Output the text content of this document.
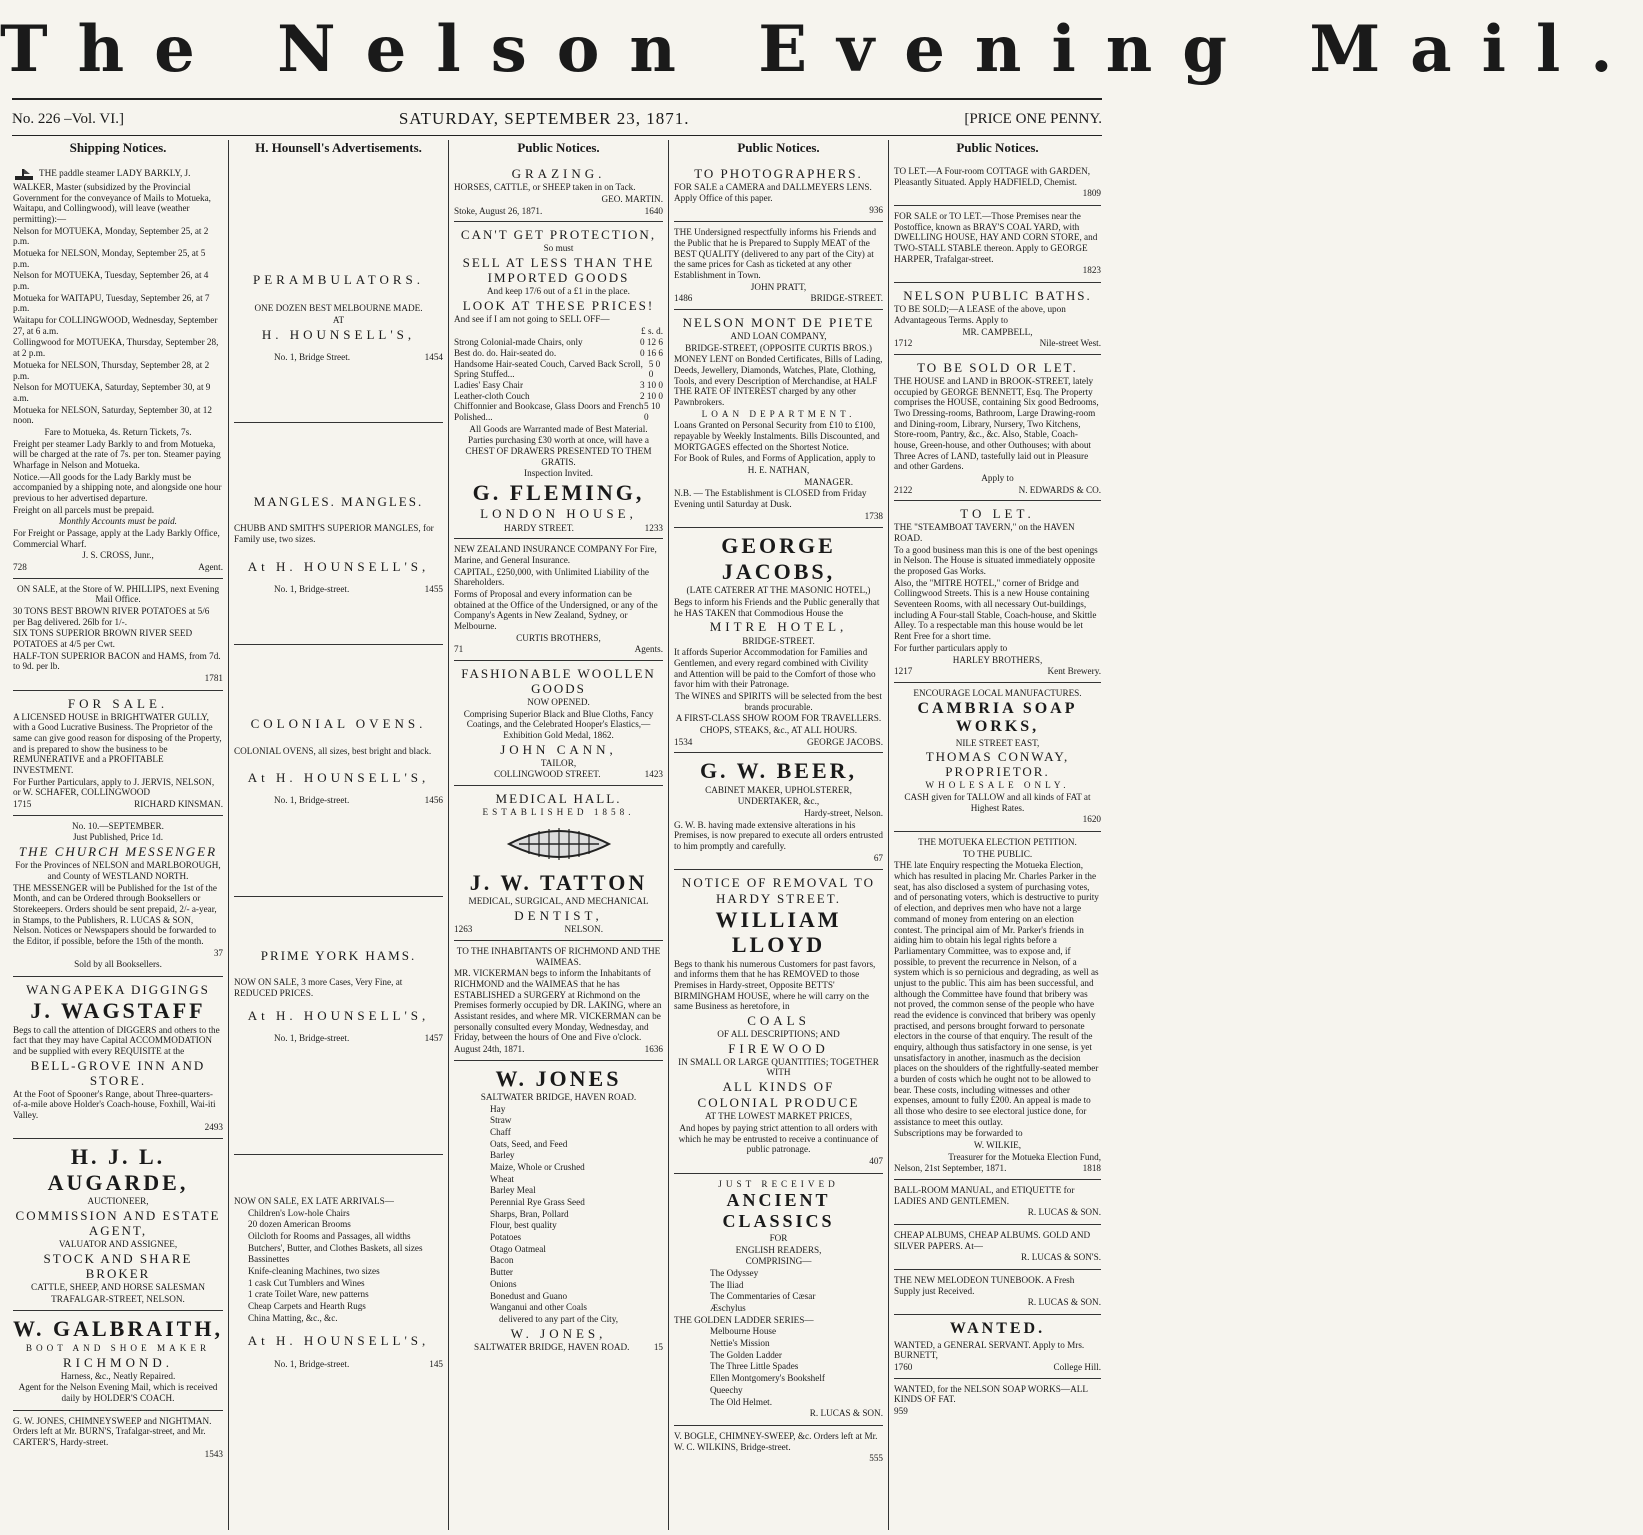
The Nelson Evening Mail.
No. 226 –Vol. VI.]	SATURDAY, SEPTEMBER 23, 1871.	[PRICE ONE PENNY.
Shipping Notices.

THE paddle steamer LADY BARKLY, J. WALKER, Master (subsidized by the Provincial Government for the conveyance of Mails to Motueka, Waitapu, and Collingwood), will leave (weather permitting):—

Nelson for MOTUEKA, Monday, September 25, at 2 p.m.

Motueka for NELSON, Monday, September 25, at 5 p.m.

Nelson for MOTUEKA, Tuesday, September 26, at 4 p.m.

Motueka for WAITAPU, Tuesday, September 26, at 7 p.m.

Waitapu for COLLINGWOOD, Wednesday, September 27, at 6 a.m.

Collingwood for MOTUEKA, Thursday, September 28, at 2 p.m.

Motueka for NELSON, Thursday, September 28, at 2 p.m.

Nelson for MOTUEKA, Saturday, September 30, at 9 a.m.

Motueka for NELSON, Saturday, September 30, at 12 noon.

Fare to Motueka, 4s. Return Tickets, 7s.

Freight per steamer Lady Barkly to and from Motueka, will be charged at the rate of 7s. per ton. Steamer paying Wharfage in Nelson and Motueka.

Notice.—All goods for the Lady Barkly must be accompanied by a shipping note, and alongside one hour previous to her advertised departure.

Freight on all parcels must be prepaid.

Monthly Accounts must be paid.

For Freight or Passage, apply at the Lady Barkly Office, Commercial Wharf.

J. S. CROSS, Junr.,

728	Agent.

ON SALE, at the Store of W. PHILLIPS, next Evening Mail Office.

30 TONS BEST BROWN RIVER POTATOES at 5/6 per Bag delivered. 26lb for 1/-.

SIX TONS SUPERIOR BROWN RIVER SEED POTATOES at 4/5 per Cwt.

HALF-TON SUPERIOR BACON and HAMS, from 7d. to 9d. per lb.

1781

FOR SALE.

A LICENSED HOUSE in BRIGHTWATER GULLY, with a Good Lucrative Business. The Proprietor of the same can give good reason for disposing of the Property, and is prepared to show the business to be REMUNERATIVE and a PROFITABLE INVESTMENT.

For Further Particulars, apply to J. JERVIS, NELSON, or W. SCHAFER, COLLINGWOOD

1715	RICHARD KINSMAN.

No. 10.—SEPTEMBER.

Just Published, Price 1d.

THE CHURCH MESSENGER

For the Provinces of NELSON and MARLBOROUGH, and County of WESTLAND NORTH.

THE MESSENGER will be Published for the 1st of the Month, and can be Ordered through Booksellers or Storekeepers. Orders should be sent prepaid, 2/- a-year, in Stamps, to the Publishers, R. LUCAS & SON, Nelson. Notices or Newspapers should be forwarded to the Editor, if possible, before the 15th of the month.

37

Sold by all Booksellers.

WANGAPEKA DIGGINGS

J. WAGSTAFF

Begs to call the attention of DIGGERS and others to the fact that they may have Capital ACCOMMODATION and be supplied with every REQUISITE at the

BELL-GROVE INN AND STORE.

At the Foot of Spooner's Range, about Three-quarters-of-a-mile above Holder's Coach-house, Foxhill, Wai-iti Valley.

2493

H. J. L. AUGARDE,

AUCTIONEER,

COMMISSION AND ESTATE AGENT,

VALUATOR AND ASSIGNEE,

STOCK AND SHARE BROKER

CATTLE, SHEEP, AND HORSE SALESMAN

TRAFALGAR-STREET, NELSON.

W. GALBRAITH,

BOOT AND SHOE MAKER

RICHMOND.

Harness, &c., Neatly Repaired.

Agent for the Nelson Evening Mail, which is received daily by HOLDER'S COACH.

G. W. JONES, CHIMNEYSWEEP and NIGHTMAN. Orders left at Mr. BURN'S, Trafalgar-street, and Mr. CARTER'S, Hardy-street.

1543

H. Hounsell's Advertisements.

PERAMBULATORS.

ONE DOZEN BEST MELBOURNE MADE.

AT

H. HOUNSELL'S,

No. 1, Bridge Street.	1454

MANGLES. MANGLES.

CHUBB AND SMITH'S SUPERIOR MANGLES, for Family use, two sizes.

At H. HOUNSELL'S,

No. 1, Bridge-street.	1455

COLONIAL OVENS.

COLONIAL OVENS, all sizes, best bright and black.

At H. HOUNSELL'S,

No. 1, Bridge-street.	1456

PRIME YORK HAMS.

NOW ON SALE, 3 more Cases, Very Fine, at REDUCED PRICES.

At H. HOUNSELL'S,

No. 1, Bridge-street.	1457

NOW ON SALE, EX LATE ARRIVALS—

Children's Low-hole Chairs

20 dozen American Brooms

Oilcloth for Rooms and Passages, all widths

Butchers', Butter, and Clothes Baskets, all sizes

Bassinettes

Knife-cleaning Machines, two sizes

1 cask Cut Tumblers and Wines

1 crate Toilet Ware, new patterns

Cheap Carpets and Hearth Rugs

China Matting, &c., &c.

At H. HOUNSELL'S,

No. 1, Bridge-street.	145
Public Notices.

GRAZING.

HORSES, CATTLE, or SHEEP taken in on Tack.

GEO. MARTIN.

Stoke, August 26, 1871.	1640

CAN'T GET PROTECTION,

So must

SELL AT LESS THAN THE IMPORTED GOODS

And keep 17/6 out of a £1 in the place.

LOOK AT THESE PRICES!

And see if I am not going to SELL OFF—

£ s. d.

Strong Colonial-made Chairs, only	0 12 6
Best do. do. Hair-seated do.	0 16 6
Handsome Hair-seated Couch, Carved Back Scroll, Spring Stuffed...
5 0 0
Ladies' Easy Chair	3 10 0
Leather-cloth Couch	2 10 0
Chiffonnier and Bookcase, Glass Doors and French Polished...
5 10 0

All Goods are Warranted made of Best Material.

Parties purchasing £30 worth at once, will have a CHEST OF DRAWERS PRESENTED TO THEM GRATIS.

Inspection Invited.

G. FLEMING,

LONDON HOUSE,

HARDY STREET.	1233

NEW ZEALAND INSURANCE COMPANY For Fire, Marine, and General Insurance.

CAPITAL, £250,000, with Unlimited Liability of the Shareholders.

Forms of Proposal and every information can be obtained at the Office of the Undersigned, or any of the Company's Agents in New Zealand, Sydney, or Melbourne.

CURTIS BROTHERS,

71	Agents.

FASHIONABLE WOOLLEN GOODS

NOW OPENED.

Comprising Superior Black and Blue Cloths, Fancy Coatings, and the Celebrated Hooper's Elastics,—Exhibition Gold Medal, 1862.

JOHN CANN,

TAILOR,

COLLINGWOOD STREET.	1423

MEDICAL HALL.

ESTABLISHED 1858.

J. W. TATTON

MEDICAL, SURGICAL, AND MECHANICAL

DENTIST,

1263	NELSON.

TO THE INHABITANTS OF RICHMOND AND THE WAIMEAS.

MR. VICKERMAN begs to inform the Inhabitants of RICHMOND and the WAIMEAS that he has ESTABLISHED a SURGERY at Richmond on the Premises formerly occupied by DR. LAKING, where an Assistant resides, and where MR. VICKERMAN can be personally consulted every Monday, Wednesday, and Friday, between the hours of One and Five o'clock.

August 24th, 1871.	1636

W. JONES

SALTWATER BRIDGE, HAVEN ROAD.

Hay

Straw

Chaff

Oats, Seed, and Feed

Barley

Maize, Whole or Crushed

Wheat

Barley Meal

Perennial Rye Grass Seed

Sharps, Bran, Pollard

Flour, best quality

Potatoes

Otago Oatmeal

Bacon

Butter

Onions

Bonedust and Guano

Wanganui and other Coals

delivered to any part of the City,

W. JONES,

SALTWATER BRIDGE, HAVEN ROAD.	15
Public Notices.

TO PHOTOGRAPHERS.

FOR SALE a CAMERA and DALLMEYERS LENS. Apply Office of this paper.

936

THE Undersigned respectfully informs his Friends and the Public that he is Prepared to Supply MEAT of the BEST QUALITY (delivered to any part of the City) at the same prices for Cash as ticketed at any other Establishment in Town.

JOHN PRATT,

1486	BRIDGE-STREET.

NELSON MONT DE PIETE

AND LOAN COMPANY,

BRIDGE-STREET, (OPPOSITE CURTIS BROS.)

MONEY LENT on Bonded Certificates, Bills of Lading, Deeds, Jewellery, Diamonds, Watches, Plate, Clothing, Tools, and every Description of Merchandise, at HALF THE RATE OF INTEREST charged by any other Pawnbrokers.

LOAN DEPARTMENT.

Loans Granted on Personal Security from £10 to £100, repayable by Weekly Instalments. Bills Discounted, and MORTGAGES effected on the Shortest Notice.

For Book of Rules, and Forms of Application, apply to

H. E. NATHAN,

MANAGER.

N.B. — The Establishment is CLOSED from Friday Evening until Saturday at Dusk.

1738

GEORGE JACOBS,

(LATE CATERER AT THE MASONIC HOTEL,)

Begs to inform his Friends and the Public generally that he HAS TAKEN that Commodious House the

MITRE HOTEL,

BRIDGE-STREET.

It affords Superior Accommodation for Families and Gentlemen, and every regard combined with Civility and Attention will be paid to the Comfort of those who favor him with their Patronage.

The WINES and SPIRITS will be selected from the best brands procurable.

A FIRST-CLASS SHOW ROOM FOR TRAVELLERS.

CHOPS, STEAKS, &c., AT ALL HOURS.

1534	GEORGE JACOBS.

G. W. BEER,

CABINET MAKER, UPHOLSTERER,

UNDERTAKER, &c.,

Hardy-street, Nelson.

G. W. B. having made extensive alterations in his Premises, is now prepared to execute all orders entrusted to him promptly and carefully.

67

NOTICE OF REMOVAL TO HARDY STREET.

WILLIAM LLOYD

Begs to thank his numerous Customers for past favors, and informs them that he has REMOVED to those Premises in Hardy-street, Opposite BETTS' BIRMINGHAM HOUSE, where he will carry on the same Business as heretofore, in

COALS

OF ALL DESCRIPTIONS; AND

FIREWOOD

IN SMALL OR LARGE QUANTITIES; TOGETHER WITH

ALL KINDS OF

COLONIAL PRODUCE

AT THE LOWEST MARKET PRICES,

And hopes by paying strict attention to all orders with which he may be entrusted to receive a continuance of public patronage.

407

JUST RECEIVED

ANCIENT CLASSICS

FOR

ENGLISH READERS,

COMPRISING—

The Odyssey

The Iliad

The Commentaries of Cæsar

Æschylus

THE GOLDEN LADDER SERIES—

Melbourne House

Nettie's Mission

The Golden Ladder

The Three Little Spades

Ellen Montgomery's Bookshelf

Queechy

The Old Helmet.

R. LUCAS & SON.

V. BOGLE, CHIMNEY-SWEEP, &c. Orders left at Mr. W. C. WILKINS, Bridge-street.

555

Public Notices.

TO LET.—A Four-room COTTAGE with GARDEN, Pleasantly Situated. Apply HADFIELD, Chemist.

1809

FOR SALE or TO LET.—Those Premises near the Postoffice, known as BRAY'S COAL YARD, with DWELLING HOUSE, HAY AND CORN STORE, and TWO-STALL STABLE thereon. Apply to GEORGE HARPER, Trafalgar-street.

1823

NELSON PUBLIC BATHS.

TO BE SOLD;—A LEASE of the above, upon Advantageous Terms. Apply to

MR. CAMPBELL,

1712	Nile-street West.

TO BE SOLD OR LET.

THE HOUSE and LAND in BROOK-STREET, lately occupied by GEORGE BENNETT, Esq. The Property comprises the HOUSE, containing Six good Bedrooms, Two Dressing-rooms, Bathroom, Large Drawing-room and Dining-room, Library, Nursery, Two Kitchens, Store-room, Pantry, &c., &c. Also, Stable, Coach-house, Green-house, and other Outhouses; with about Three Acres of LAND, tastefully laid out in Pleasure and other Gardens.

Apply to

2122	N. EDWARDS & CO.

TO LET.

THE "STEAMBOAT TAVERN," on the HAVEN ROAD.

To a good business man this is one of the best openings in Nelson. The House is situated immediately opposite the proposed Gas Works.

Also, the "MITRE HOTEL," corner of Bridge and Collingwood Streets. This is a new House containing Seventeen Rooms, with all necessary Out-buildings, including A Four-stall Stable, Coach-house, and Skittle Alley. To a respectable man this house would be let Rent Free for a short time.

For further particulars apply to

HARLEY BROTHERS,

1217	Kent Brewery.

ENCOURAGE LOCAL MANUFACTURES.

CAMBRIA SOAP WORKS,

NILE STREET EAST,

THOMAS CONWAY, PROPRIETOR.

WHOLESALE ONLY.

CASH given for TALLOW and all kinds of FAT at Highest Rates.

1620

THE MOTUEKA ELECTION PETITION.

TO THE PUBLIC.

THE late Enquiry respecting the Motueka Election, which has resulted in placing Mr. Charles Parker in the seat, has also disclosed a system of purchasing votes, and of personating voters, which is destructive to purity of election, and deprives men who have not a large command of money from entering on an election contest. The principal aim of Mr. Parker's friends in aiding him to obtain his legal rights before a Parliamentary Committee, was to expose and, if possible, to prevent the recurrence in Nelson, of a system which is so pernicious and degrading, as well as unjust to the public. This aim has been successful, and although the Committee have found that bribery was not proved, the common sense of the people who have read the evidence is convinced that bribery was openly practised, and persons brought forward to personate electors in the course of that enquiry. The result of the enquiry, although thus satisfactory in one sense, is yet unsatisfactory in another, inasmuch as the decision places on the shoulders of the rightfully-seated member a burden of costs which he ought not to be allowed to bear. These costs, including witnesses and other expenses, amount to fully £200. An appeal is made to all those who desire to see electoral justice done, for assistance to meet this outlay.

Subscriptions may be forwarded to

W. WILKIE,

Treasurer for the Motueka Election Fund,

Nelson, 21st September, 1871.	1818

BALL-ROOM MANUAL, and ETIQUETTE for LADIES AND GENTLEMEN.

R. LUCAS & SON.

CHEAP ALBUMS, CHEAP ALBUMS. GOLD AND SILVER PAPERS. At—

R. LUCAS & SON'S.

THE NEW MELODEON TUNEBOOK. A Fresh Supply just Received.

R. LUCAS & SON.

WANTED.

WANTED, a GENERAL SERVANT. Apply to Mrs. BURNETT,

1760	College Hill.

WANTED, for the NELSON SOAP WORKS—ALL KINDS OF FAT.

959
